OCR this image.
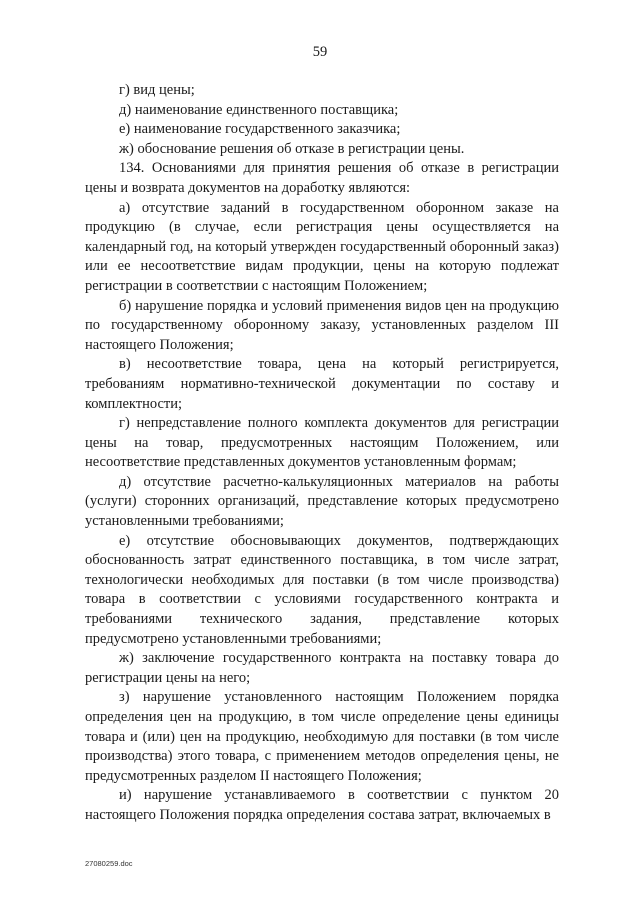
59

г) вид цены;

д) наименование единственного поставщика;

е) наименование государственного заказчика;

ж) обоснование решения об отказе в регистрации цены.

134. Основаниями для принятия решения об отказе в регистрации цены и возврата документов на доработку являются:

а) отсутствие заданий в государственном оборонном заказе на продукцию (в случае, если регистрация цены осуществляется на календарный год, на который утвержден государственный оборонный заказ) или ее несоответствие видам продукции, цены на которую подлежат регистрации в соответствии с настоящим Положением;

б) нарушение порядка и условий применения видов цен на продукцию по государственному оборонному заказу, установленных разделом III настоящего Положения;

в) несоответствие товара, цена на который регистрируется, требованиям нормативно-технической документации по составу и комплектности;

г) непредставление полного комплекта документов для регистрации цены на товар, предусмотренных настоящим Положением, или несоответствие представленных документов установленным формам;

д) отсутствие расчетно-калькуляционных материалов на работы (услуги) сторонних организаций, представление которых предусмотрено установленными требованиями;

е) отсутствие обосновывающих документов, подтверждающих обоснованность затрат единственного поставщика, в том числе затрат, технологически необходимых для поставки (в том числе производства) товара в соответствии с условиями государственного контракта и требованиями технического задания, представление которых предусмотрено установленными требованиями;

ж) заключение государственного контракта на поставку товара до регистрации цены на него;

з) нарушение установленного настоящим Положением порядка определения цен на продукцию, в том числе определение цены единицы товара и (или) цен на продукцию, необходимую для поставки (в том числе производства) этого товара, с применением методов определения цены, не предусмотренных разделом II настоящего Положения;

и) нарушение устанавливаемого в соответствии с пунктом 20 настоящего Положения порядка определения состава затрат, включаемых в

27080259.doc
